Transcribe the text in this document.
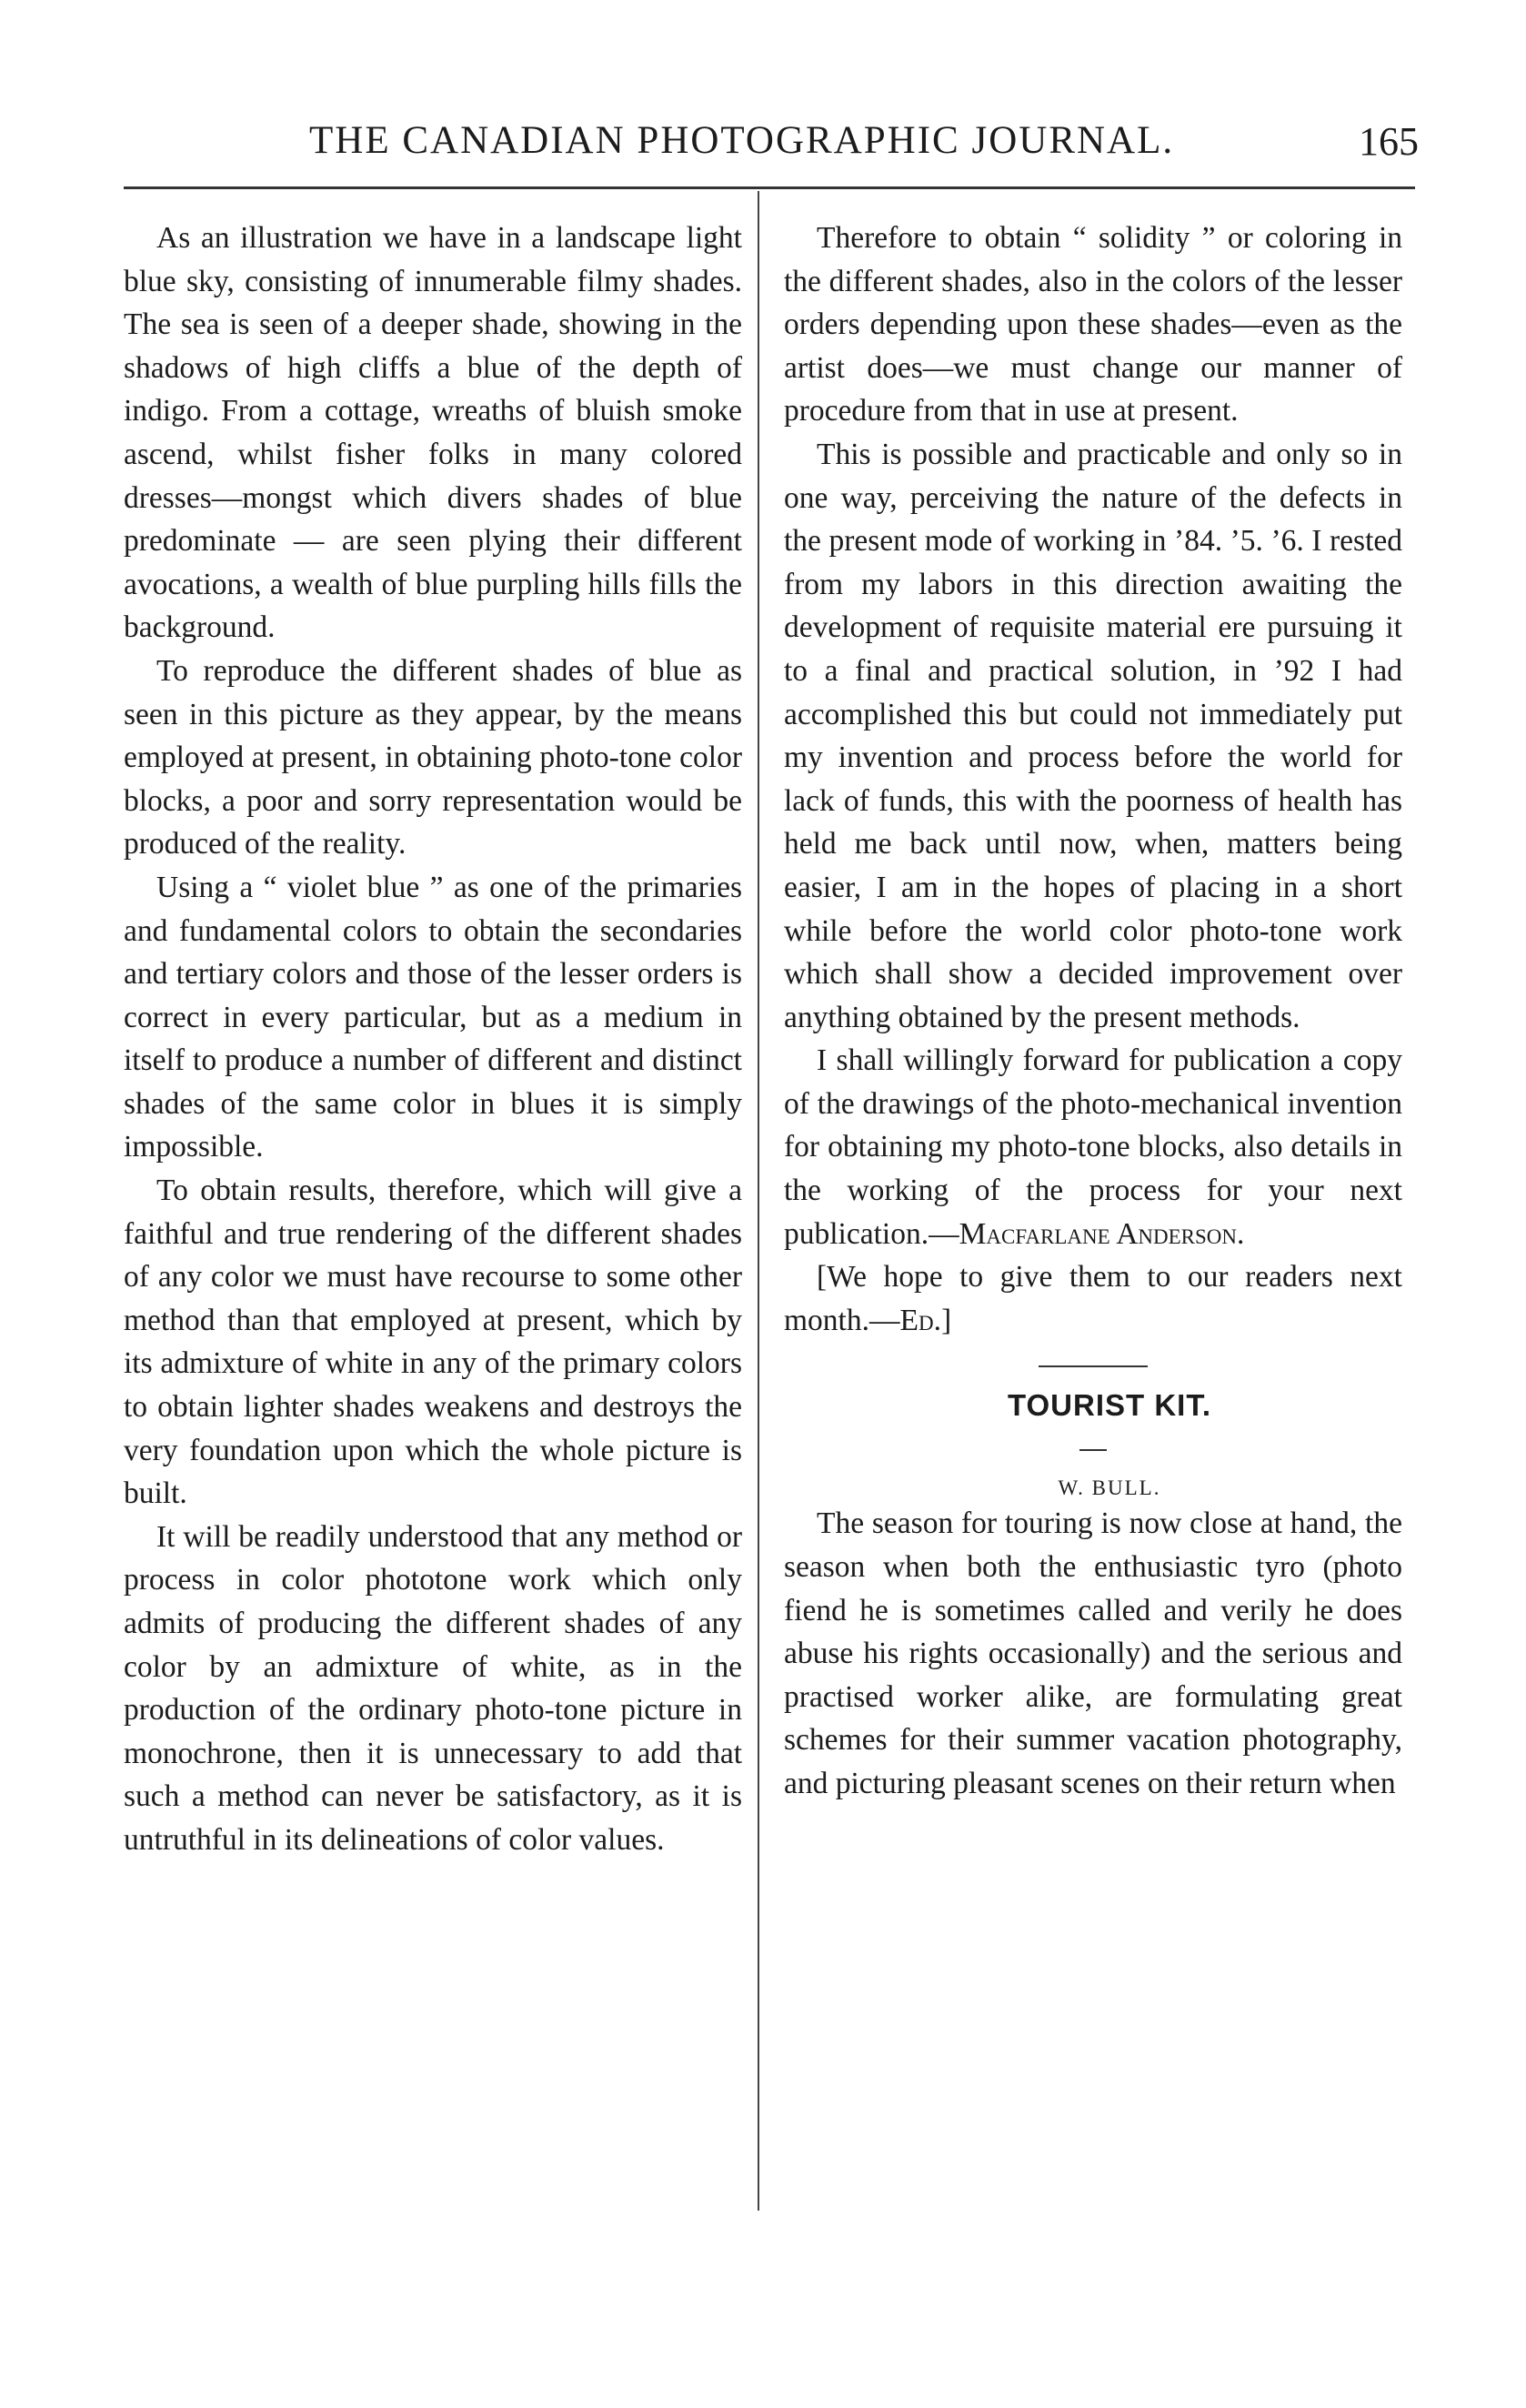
THE CANADIAN PHOTOGRAPHIC JOURNAL.	165

As an illustration we have in a landscape light blue sky, consisting of innumerable filmy shades. The sea is seen of a deeper shade, showing in the shadows of high cliffs a blue of the depth of indigo. From a cottage, wreaths of bluish smoke ascend, whilst fisher folks in many colored dresses—mongst which divers shades of blue predominate — are seen plying their different avocations, a wealth of blue purpling hills fills the background.

To reproduce the different shades of blue as seen in this picture as they appear, by the means employed at present, in obtaining photo-tone color blocks, a poor and sorry representation would be produced of the reality.

Using a “ violet blue ” as one of the primaries and fundamental colors to obtain the secondaries and tertiary colors and those of the lesser orders is correct in every particular, but as a medium in itself to produce a number of different and distinct shades of the same color in blues it is simply impossible.

To obtain results, therefore, which will give a faithful and true rendering of the different shades of any color we must have recourse to some other method than that employed at present, which by its admixture of white in any of the primary colors to obtain lighter shades weakens and destroys the very foundation upon which the whole picture is built.

It will be readily understood that any method or process in color phototone work which only admits of producing the different shades of any color by an admixture of white, as in the production of the ordinary photo-tone picture in monochrone, then it is unnecessary to add that such a method can never be satisfactory, as it is untruthful in its delineations of color values.

Therefore to obtain “ solidity ” or coloring in the different shades, also in the colors of the lesser orders depending upon these shades—even as the artist does—we must change our manner of procedure from that in use at present.

This is possible and practicable and only so in one way, perceiving the nature of the defects in the present mode of working in ’84. ’5. ’6. I rested from my labors in this direction awaiting the development of requisite material ere pursuing it to a final and practical solution, in ’92 I had accomplished this but could not immediately put my invention and process before the world for lack of funds, this with the poorness of health has held me back until now, when, matters being easier, I am in the hopes of placing in a short while before the world color photo-tone work which shall show a decided improvement over anything obtained by the present methods.

I shall willingly forward for publication a copy of the drawings of the photo-mechanical invention for obtaining my photo-tone blocks, also details in the working of the process for your next publication.—Macfarlane Anderson.

[We hope to give them to our readers next month.—Ed.]

TOURIST KIT.

W. BULL.

The season for touring is now close at hand, the season when both the enthusiastic tyro (photo fiend he is sometimes called and verily he does abuse his rights occasionally) and the serious and practised worker alike, are formulating great schemes for their summer vacation photography, and picturing pleasant scenes on their return when
